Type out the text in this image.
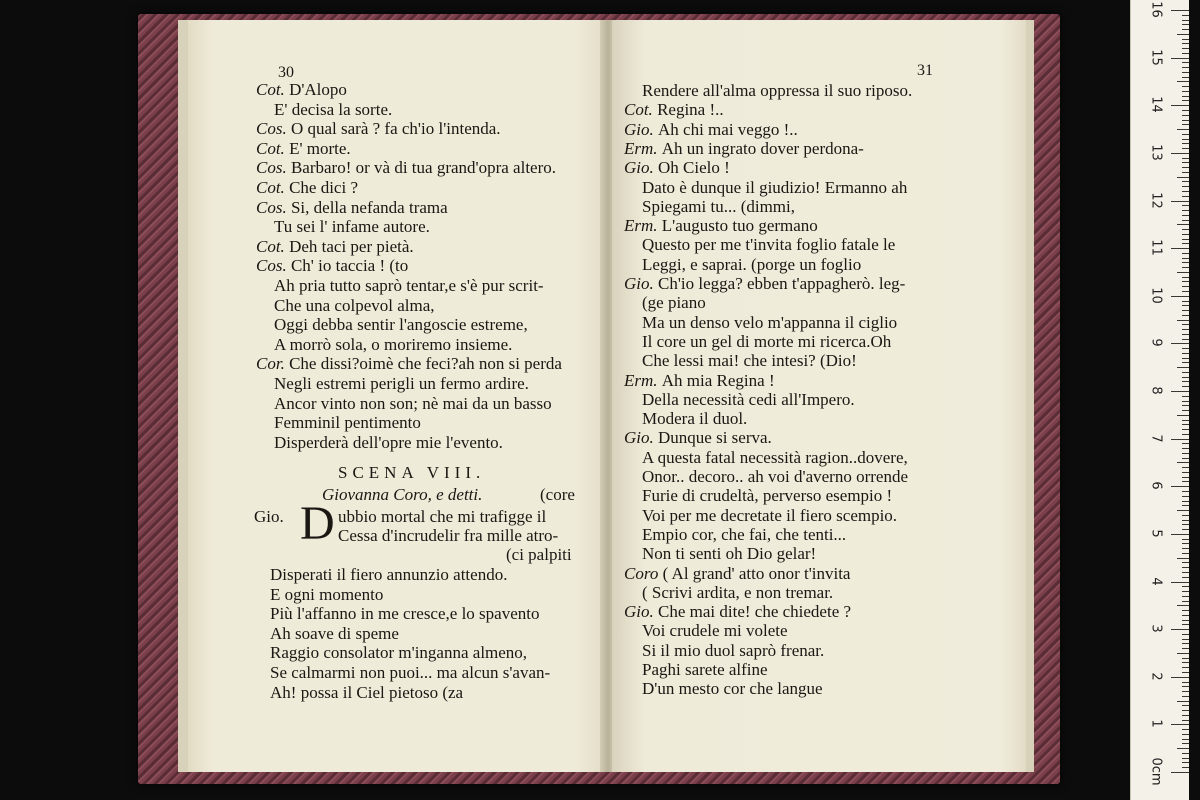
30
Cot. D'Alopo
E' decisa la sorte.
Cos. O qual sarà ? fa ch'io l'intenda.
Cot. E' morte.
Cos. Barbaro! or và di tua grand'opra altero.
Cot. Che dici ?
Cos. Si, della nefanda trama
Tu sei l' infame autore.
Cot. Deh taci per pietà.
Cos. Ch' io taccia ! (to
Ah pria tutto saprò tentar,e s'è pur scrit-
Che una colpevol alma,
Oggi debba sentir l'angoscie estreme,
A morrò sola, o moriremo insieme.
Cor. Che dissi?oimè che feci?ah non si perda
Negli estremi perigli un fermo ardire.
Ancor vinto non son; nè mai da un basso
Femminil pentimento
Disperderà dell'opre mie l'evento.
SCENA VIII.
Giovanna Coro, e detti.	(core
Gio. D ubbio mortal che mi trafigge il
Cessa d'incrudelir fra mille atro-
(ci palpiti
Disperati il fiero annunzio attendo.
E ogni momento
Più l'affanno in me cresce,e lo spavento
Ah soave di speme
Raggio consolator m'inganna almeno,
Se calmarmi non puoi... ma alcun s'avan-
Ah! possa il Ciel pietoso (za
31
Rendere all'alma oppressa il suo riposo.
Cot. Regina !..
Gio. Ah chi mai veggo !..
Erm. Ah un ingrato dover perdona-
Gio. Oh Cielo !
Dato è dunque il giudizio! Ermanno ah
Spiegami tu... (dimmi,
Erm. L'augusto tuo germano
Questo per me t'invita foglio fatale le
Leggi, e saprai. (porge un foglio
Gio. Ch'io legga? ebben t'appagherò. leg-
(ge piano
Ma un denso velo m'appanna il ciglio
Il core un gel di morte mi ricerca.Oh
Che lessi mai! che intesi? (Dio!
Erm. Ah mia Regina !
Della necessità cedi all'Impero.
Modera il duol.
Gio. Dunque si serva.
A questa fatal necessità ragion..dovere,
Onor.. decoro.. ah voi d'averno orrende
Furie di crudeltà, perverso esempio !
Voi per me decretate il fiero scempio.
Empio cor, che fai, che tenti...
Non ti senti oh Dio gelar!
Coro ( Al grand' atto onor t'invita
( Scrivi ardita, e non tremar.
Gio. Che mai dite! che chiedete ?
Voi crudele mi volete
Si il mio duol saprò frenar.
Paghi sarete alfine
D'un mesto cor che langue
0cm
1
2
3
4
5
6
7
8
9
10
11
12
13
14
15
16
